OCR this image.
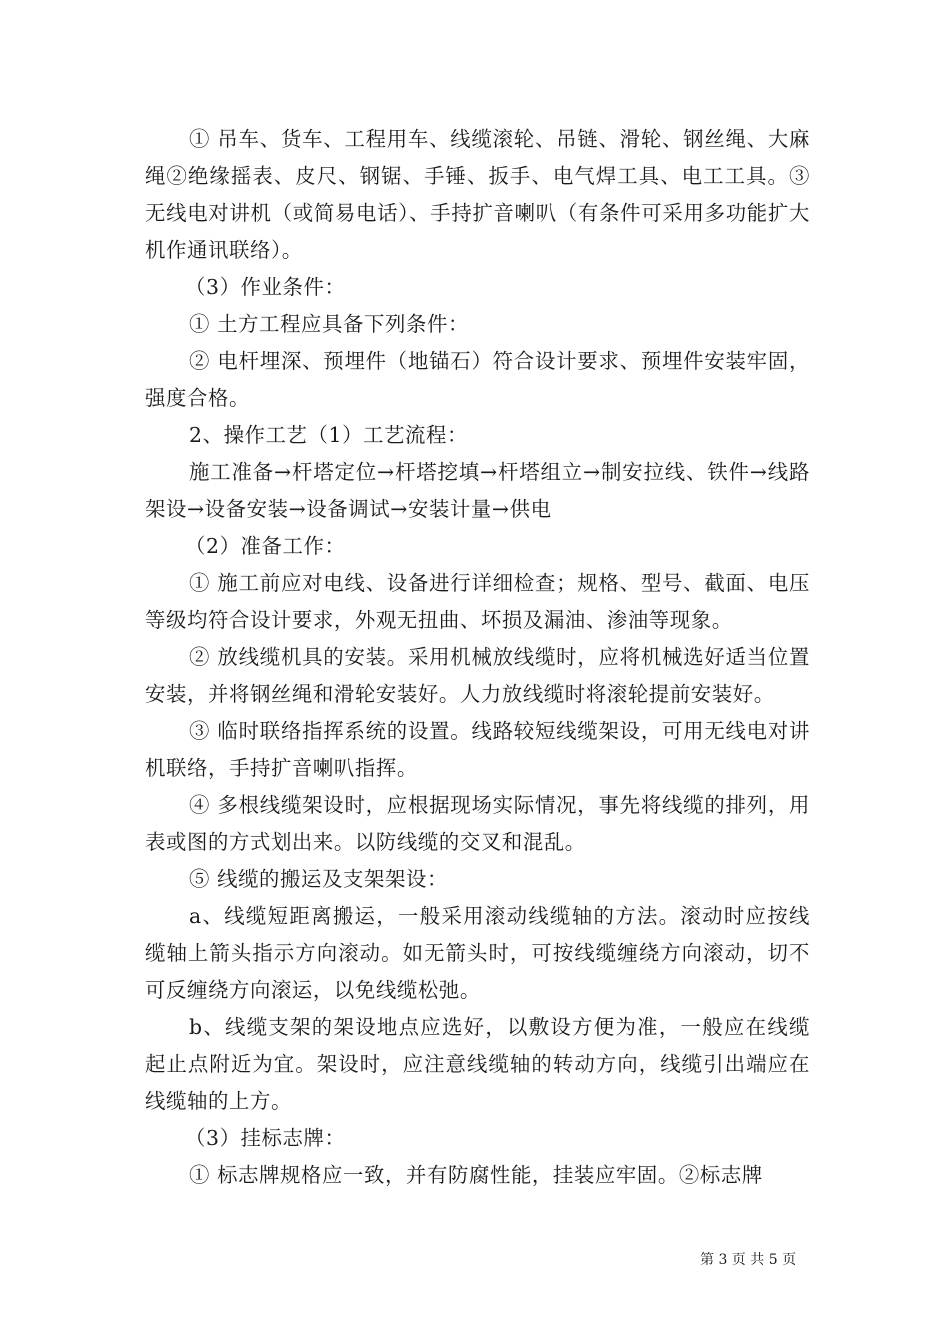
① 吊车、货车、工程用车、线缆滚轮、吊链、滑轮、钢丝绳、大麻绳②绝缘摇表、皮尺、钢锯、手锤、扳手、电气焊工具、电工工具。③无线电对讲机（或简易电话）、手持扩音喇叭（有条件可采用多功能扩大机作通讯联络）。

（3）作业条件：

① 土方工程应具备下列条件：

② 电杆埋深、预埋件（地锚石）符合设计要求、预埋件安装牢固，强度合格。

2、操作工艺（1）工艺流程：

施工准备→杆塔定位→杆塔挖填→杆塔组立→制安拉线、铁件→线路架设→设备安装→设备调试→安装计量→供电

（2）准备工作：

① 施工前应对电线、设备进行详细检查；规格、型号、截面、电压等级均符合设计要求，外观无扭曲、坏损及漏油、渗油等现象。

② 放线缆机具的安装。采用机械放线缆时，应将机械选好适当位置安装，并将钢丝绳和滑轮安装好。人力放线缆时将滚轮提前安装好。

③ 临时联络指挥系统的设置。线路较短线缆架设，可用无线电对讲机联络，手持扩音喇叭指挥。

④ 多根线缆架设时，应根据现场实际情况，事先将线缆的排列，用表或图的方式划出来。以防线缆的交叉和混乱。

⑤ 线缆的搬运及支架架设：

a、线缆短距离搬运，一般采用滚动线缆轴的方法。滚动时应按线缆轴上箭头指示方向滚动。如无箭头时，可按线缆缠绕方向滚动，切不可反缠绕方向滚运，以免线缆松弛。

b、线缆支架的架设地点应选好，以敷设方便为准，一般应在线缆起止点附近为宜。架设时，应注意线缆轴的转动方向，线缆引出端应在线缆轴的上方。

（3）挂标志牌：

① 标志牌规格应一致，并有防腐性能，挂装应牢固。②标志牌

第 3 页 共 5 页
